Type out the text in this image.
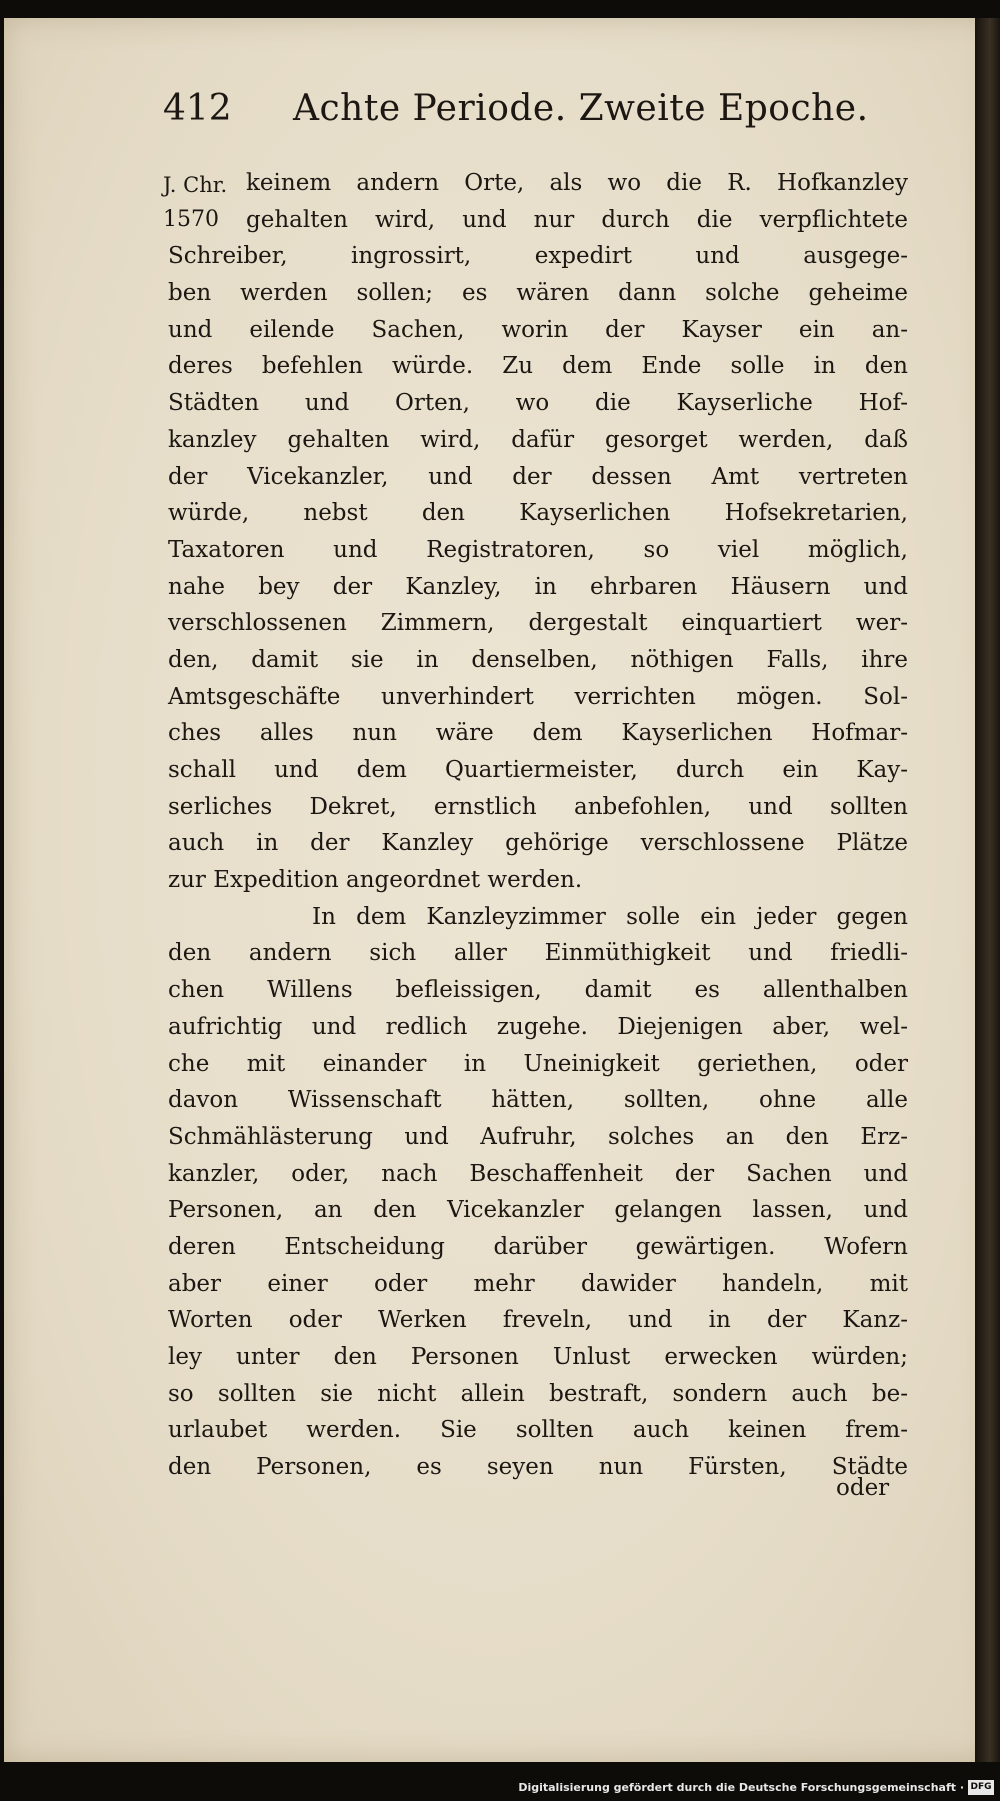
412 Achte Periode. Zweite Epoche.
J. Chr.
1570
keinem andern Orte, als wo die R. Hofkanzley
gehalten wird, und nur durch die verpflichtete
Schreiber, ingrossirt, expedirt und ausgege-
ben werden sollen; es wären dann solche geheime
und eilende Sachen, worin der Kayser ein an-
deres befehlen würde. Zu dem Ende solle in den
Städten und Orten, wo die Kayserliche Hof-
kanzley gehalten wird, dafür gesorget werden, daß
der Vicekanzler, und der dessen Amt vertreten
würde, nebst den Kayserlichen Hofsekretarien,
Taxatoren und Registratoren, so viel möglich,
nahe bey der Kanzley, in ehrbaren Häusern und
verschlossenen Zimmern, dergestalt einquartiert wer-
den, damit sie in denselben, nöthigen Falls, ihre
Amtsgeschäfte unverhindert verrichten mögen. Sol-
ches alles nun wäre dem Kayserlichen Hofmar-
schall und dem Quartiermeister, durch ein Kay-
serliches Dekret, ernstlich anbefohlen, und sollten
auch in der Kanzley gehörige verschlossene Plätze
zur Expedition angeordnet werden.
In dem Kanzleyzimmer solle ein jeder gegen
den andern sich aller Einmüthigkeit und friedli-
chen Willens befleissigen, damit es allenthalben
aufrichtig und redlich zugehe. Diejenigen aber, wel-
che mit einander in Uneinigkeit geriethen, oder
davon Wissenschaft hätten, sollten, ohne alle
Schmählästerung und Aufruhr, solches an den Erz-
kanzler, oder, nach Beschaffenheit der Sachen und
Personen, an den Vicekanzler gelangen lassen, und
deren Entscheidung darüber gewärtigen. Wofern
aber einer oder mehr dawider handeln, mit
Worten oder Werken freveln, und in der Kanz-
ley unter den Personen Unlust erwecken würden;
so sollten sie nicht allein bestraft, sondern auch be-
urlaubet werden. Sie sollten auch keinen frem-
den Personen, es seyen nun Fürsten, Städte
oder
Digitalisierung gefördert durch die Deutsche Forschungsgemeinschaft · DFG
